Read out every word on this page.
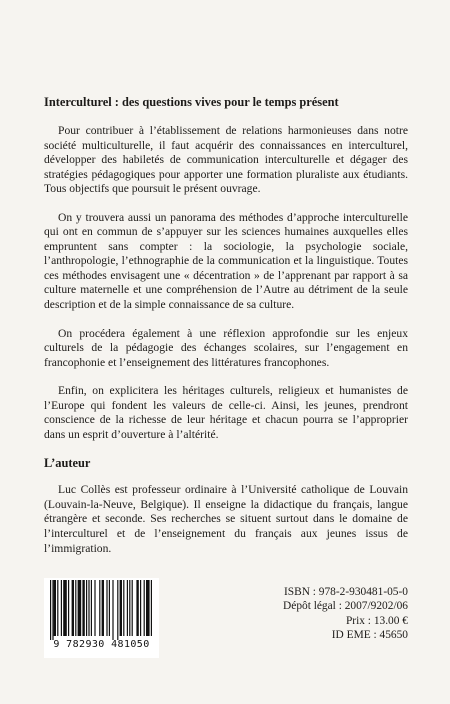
Interculturel : des questions vives pour le temps présent

Pour contribuer à l’établissement de relations harmonieuses dans notre société multiculturelle, il faut acquérir des connaissances en interculturel, développer des habiletés de communication interculturelle et dégager des stratégies pédagogiques pour apporter une formation pluraliste aux étudiants. Tous objectifs que poursuit le présent ouvrage.

On y trouvera aussi un panorama des méthodes d’approche interculturelle qui ont en commun de s’appuyer sur les sciences humaines auxquelles elles empruntent sans compter : la sociologie, la psychologie sociale, l’anthropologie, l’ethnographie de la communication et la linguistique. Toutes ces méthodes envisagent une « décentration » de l’apprenant par rapport à sa culture maternelle et une compréhension de l’Autre au détriment de la seule description et de la simple connaissance de sa culture.

On procédera également à une réflexion approfondie sur les enjeux culturels de la pédagogie des échanges scolaires, sur l’engagement en francophonie et l’enseignement des littératures francophones.

Enfin, on explicitera les héritages culturels, religieux et humanistes de l’Europe qui fondent les valeurs de celle-ci. Ainsi, les jeunes, prendront conscience de la richesse de leur héritage et chacun pourra se l’approprier dans un esprit d’ouverture à l’altérité.

L’auteur

Luc Collès est professeur ordinaire à l’Université catholique de Louvain (Louvain-la-Neuve, Belgique). Il enseigne la didactique du français, langue étrangère et seconde. Ses recherches se situent surtout dans le domaine de l’interculturel et de l’enseignement du français aux jeunes issus de l’immigration.

9 782930 481050
ISBN : 978-2-930481-05-0
Dépôt légal : 2007/9202/06
Prix : 13.00 €
ID EME : 45650
